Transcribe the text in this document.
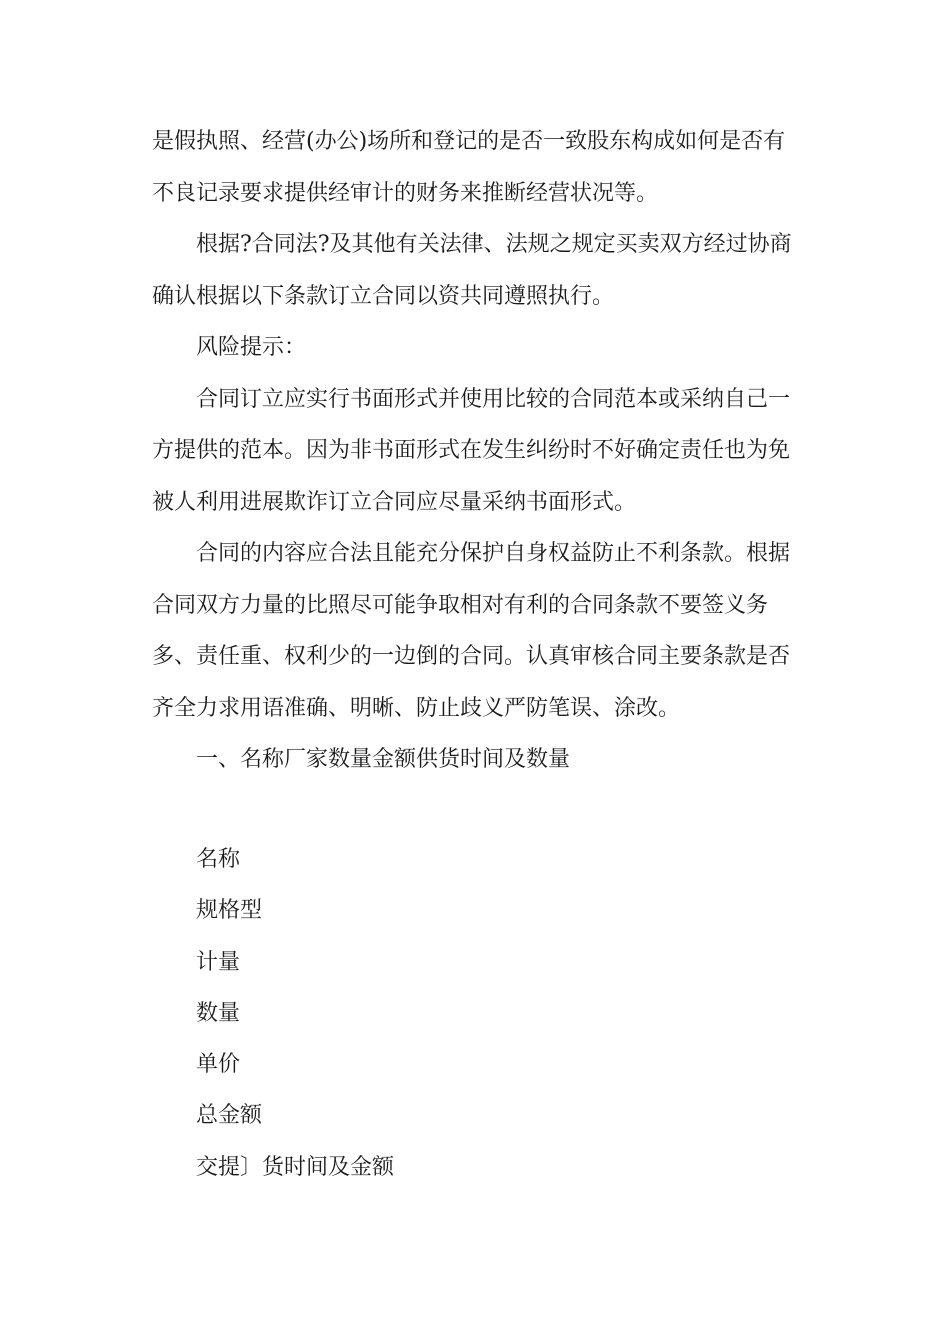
是假执照、经营(办公)场所和登记的是否一致股东构成如何是否有
不良记录要求提供经审计的财务来推断经营状况等。

根据?合同法?及其他有关法律、法规之规定买卖双方经过协商
确认根据以下条款订立合同以资共同遵照执行。

风险提示：

合同订立应实行书面形式并使用比较的合同范本或采纳自己一
方提供的范本。因为非书面形式在发生纠纷时不好确定责任也为免
被人利用进展欺诈订立合同应尽量采纳书面形式。

合同的内容应合法且能充分保护自身权益防止不利条款。根据
合同双方力量的比照尽可能争取相对有利的合同条款不要签义务
多、责任重、权利少的一边倒的合同。认真审核合同主要条款是否
齐全力求用语准确、明晰、防止歧义严防笔误、涂改。

一、名称厂家数量金额供货时间及数量

名称
规格型
计量
数量
单价
总金额
交提〕货时间及金额
